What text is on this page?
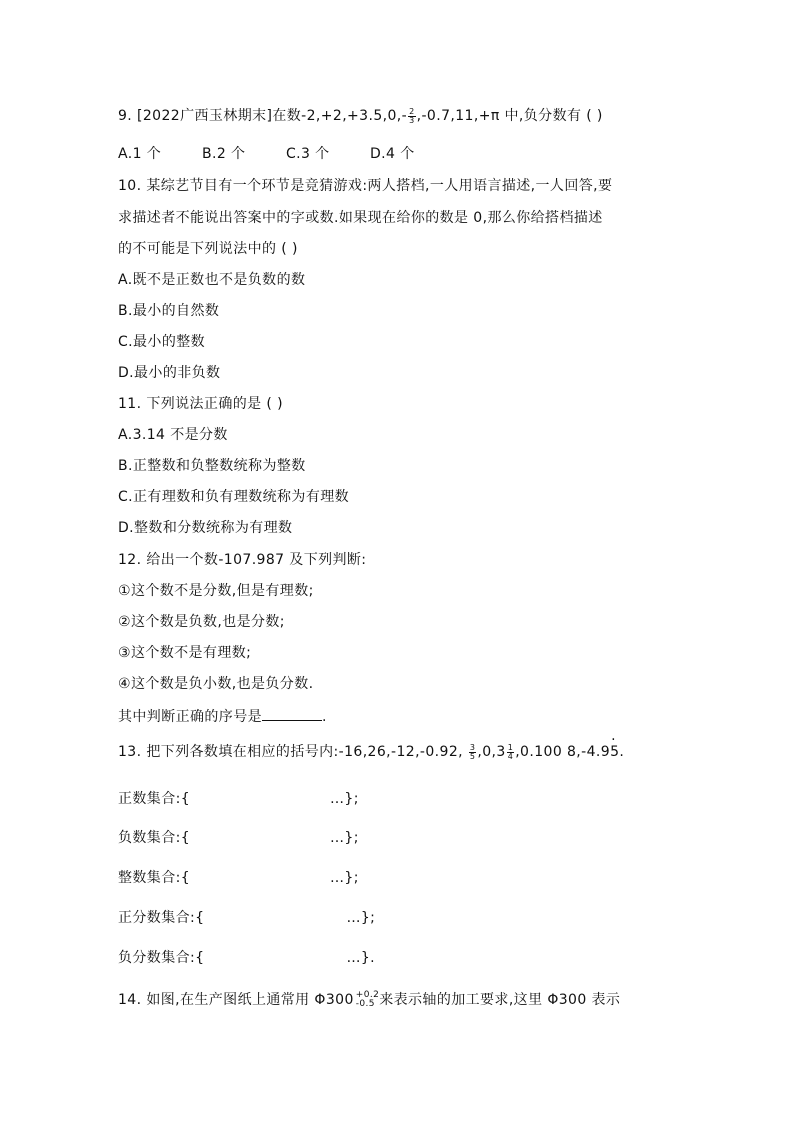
9. [2022广西玉林期末]在数$-2,+2,+3.5,0,- \frac{2}{3} ,-0.7,11,+\pi$ 中,负分数有 ( )
A.1 个	B.2 个	C.3 个	D.4 个
10. 某综艺节目有一个环节是竞猜游戏:两人搭档,一人用语言描述,一人回答,要
求描述者不能说出答案中的字或数.如果现在给你的数是 0,那么你给搭档描述
的不可能是下列说法中的 ( )
A.既不是正数也不是负数的数
B.最小的自然数
C.最小的整数
D.最小的非负数
11. 下列说法正确的是 ( )
A.3.14 不是分数
B.正整数和负整数统称为整数
C.正有理数和负有理数统称为有理数
D.整数和分数统称为有理数
12. 给出一个数-107.987 及下列判断:
①这个数不是分数,但是有理数;
②这个数是负数,也是分数;
③这个数不是有理数;
④这个数是负小数,也是负分数.
其中判断正确的序号是	.
13. 把下列各数填在相应的括号内:-16,26,-12,-0.92, $\frac{3}{5} ,0,3 \frac{1}{4} ,0.100$ 8,-4.95 ·.
正数集合:{	…};
负数集合:{	…};
整数集合:{	…};
正分数集合:{	…};
负分数集合:{	…}.
14. 如图,在生产图纸上通常用 Φ300 +0.2
-0.5 来表示轴的加工要求,这里 Φ300 表示
